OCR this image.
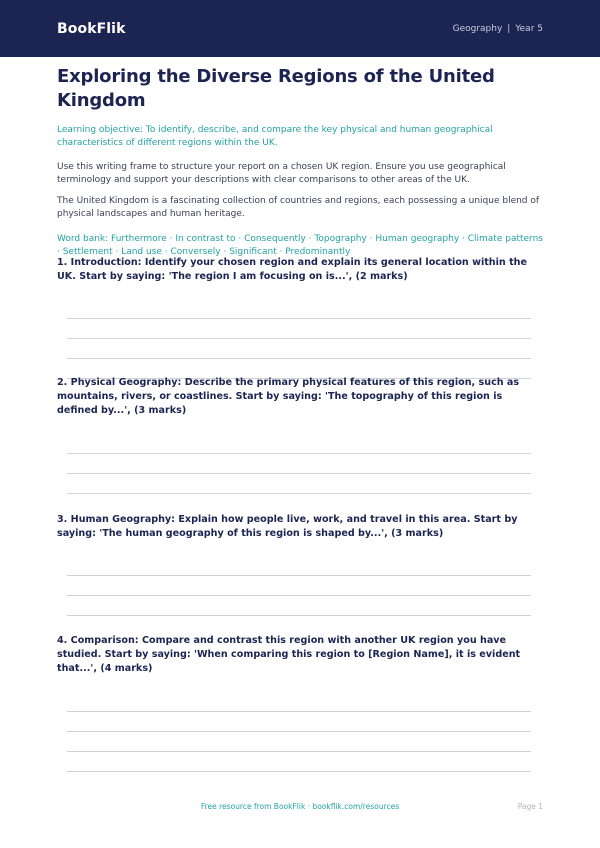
BookFlik	Geography | Year 5
Exploring the Diverse Regions of the United Kingdom
Learning objective: To identify, describe, and compare the key physical and human geographical characteristics of different regions within the UK.
Use this writing frame to structure your report on a chosen UK region. Ensure you use geographical terminology and support your descriptions with clear comparisons to other areas of the UK.
The United Kingdom is a fascinating collection of countries and regions, each possessing a unique blend of physical landscapes and human heritage.
Word bank: Furthermore · In contrast to · Consequently · Topography · Human geography · Climate patterns · Settlement · Land use · Conversely · Significant · Predominantly
1. Introduction: Identify your chosen region and explain its general location within the UK. Start by saying: 'The region I am focusing on is...', (2 marks)
2. Physical Geography: Describe the primary physical features of this region, such as mountains, rivers, or coastlines. Start by saying: 'The topography of this region is defined by...', (3 marks)
3. Human Geography: Explain how people live, work, and travel in this area. Start by saying: 'The human geography of this region is shaped by...', (3 marks)
4. Comparison: Compare and contrast this region with another UK region you have studied. Start by saying: 'When comparing this region to [Region Name], it is evident that...', (4 marks)
Free resource from BookFlik · bookflik.com/resources	Page 1
